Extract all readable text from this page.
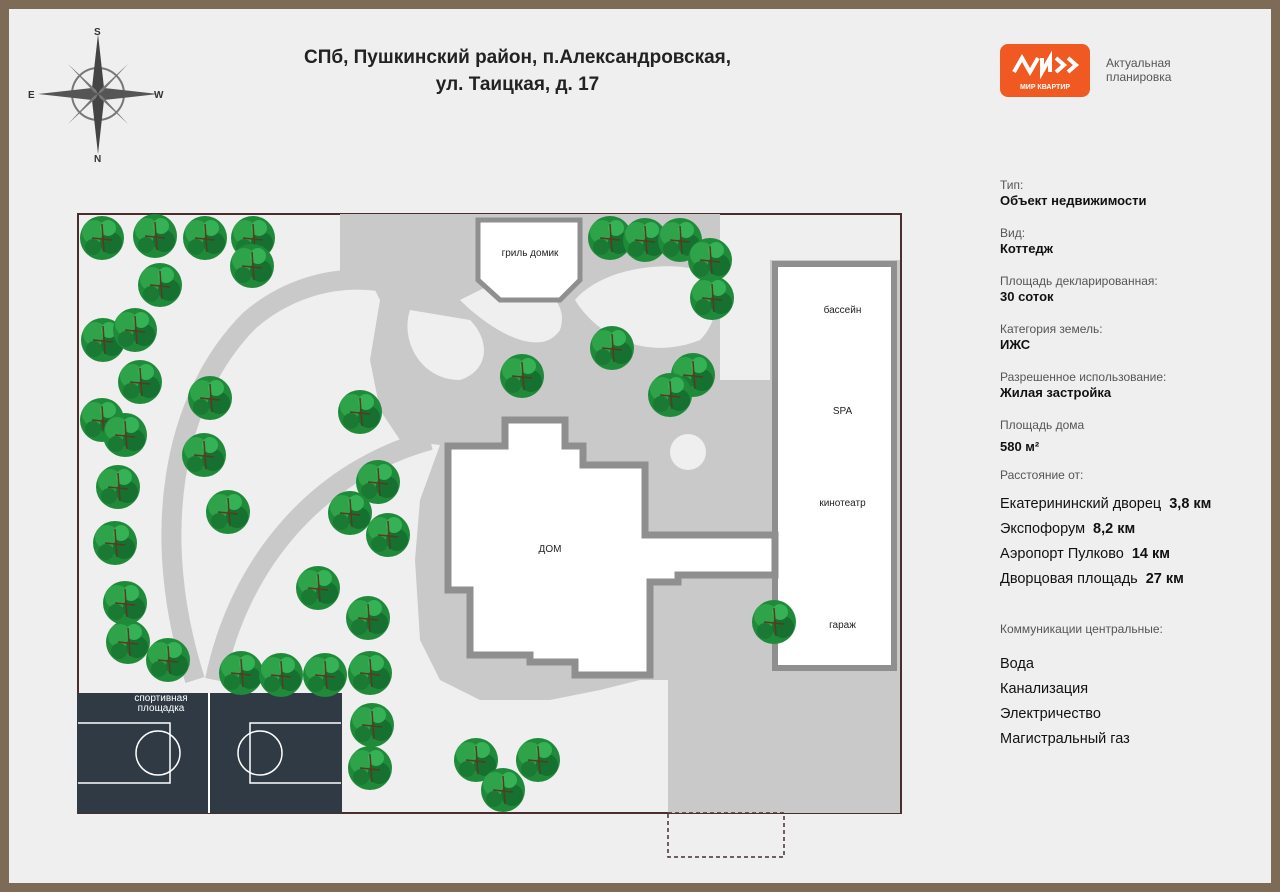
S
N
E	W
СПб, Пушкинский район, п.Александровская,
ул. Таицкая, д. 17	МИР КВАРТИР
Актуальная планировка
гриль домик
бассейн
SPA
кинотеатр
ДОМ
гараж
спортивная площадка
Тип:
Объект недвижимости
Вид:
Коттедж
Площадь декларированная:
30 соток
Категория земель:
ИЖС
Разрешенное использование:
Жилая застройка
Площадь дома
580 м²
Расстояние от:
Екатерининский дворец 3,8 км
Экспофорум 8,2 км
Аэропорт Пулково 14 км
Дворцовая площадь 27 км
Коммуникации центральные:
Вода
Канализация
Электричество
Магистральный газ
